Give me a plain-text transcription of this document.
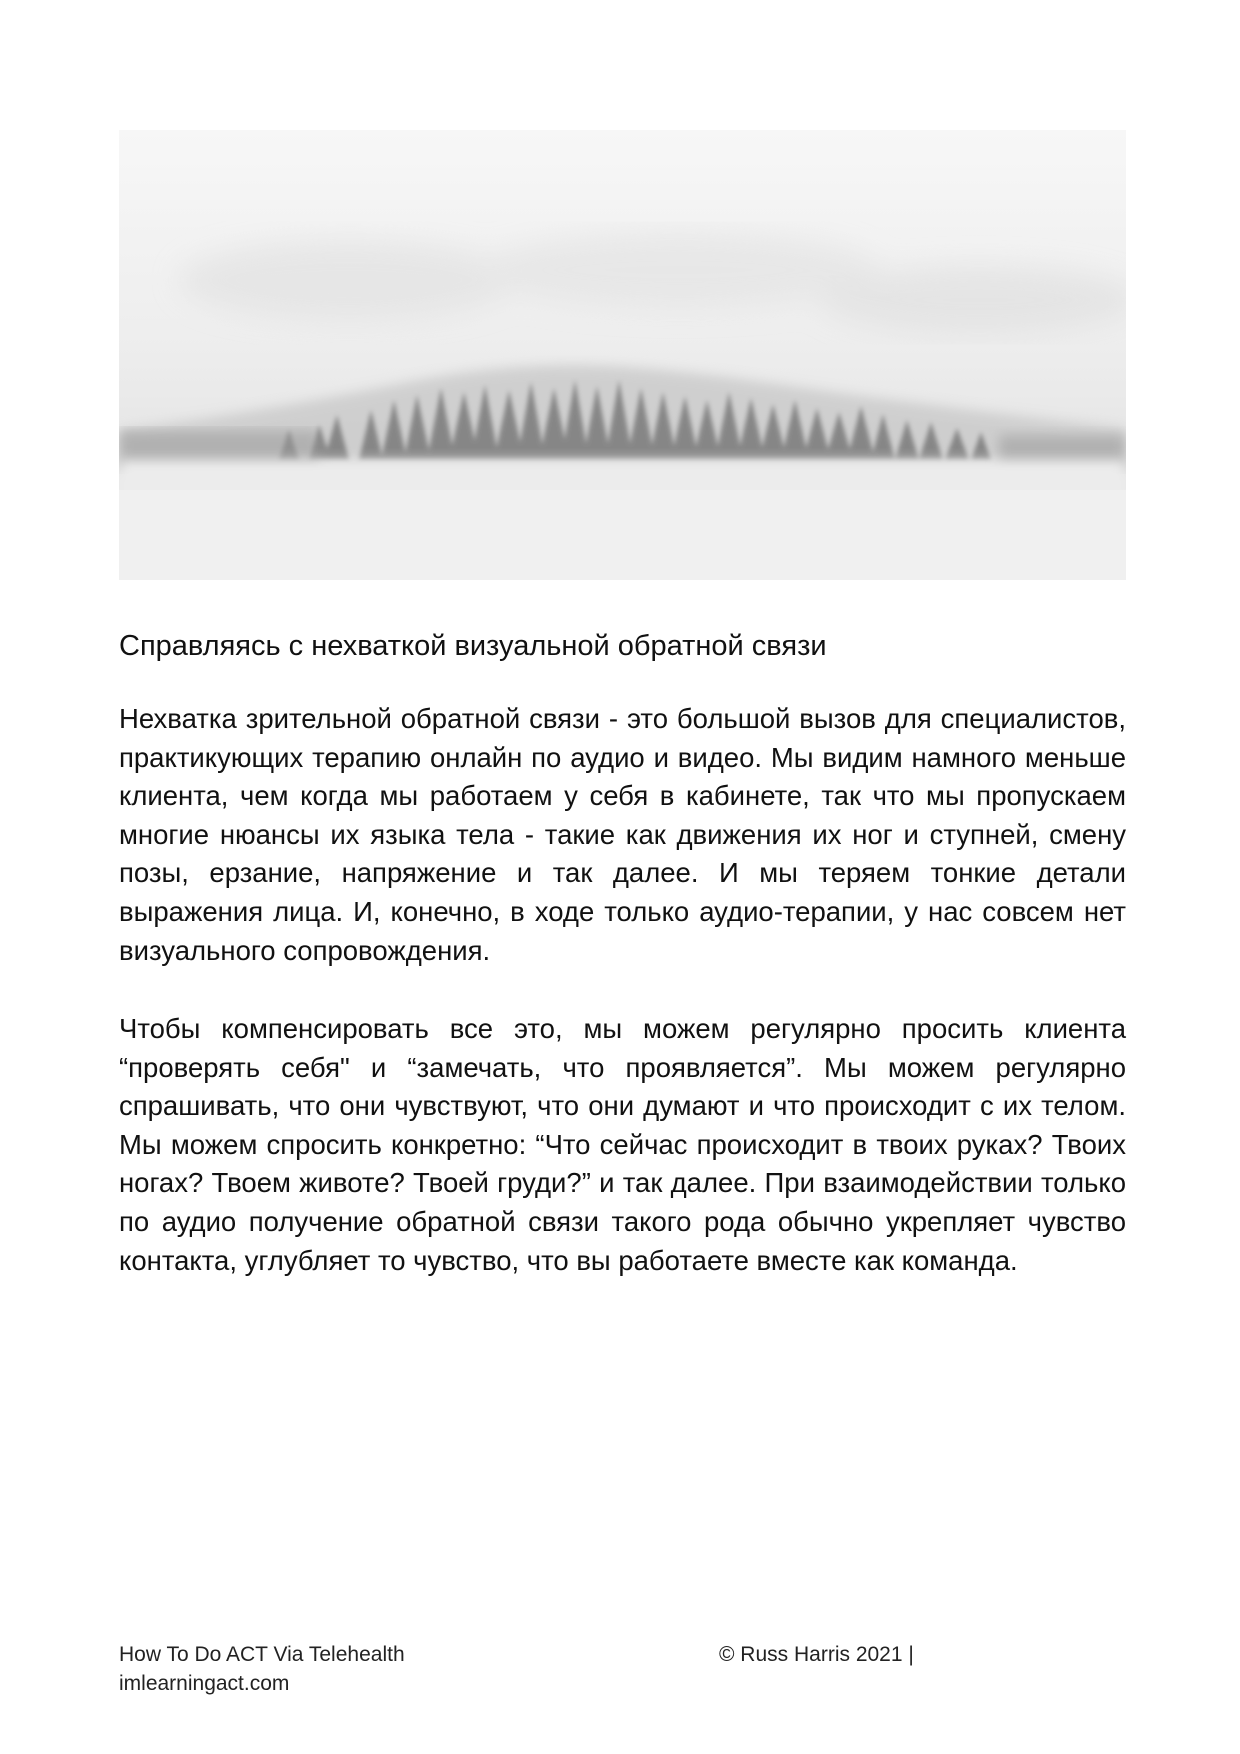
Справляясь с нехваткой визуальной обратной связи

Нехватка зрительной обратной связи - это большой вызов для специалистов, практикующих терапию онлайн по аудио и видео. Мы видим намного меньше клиента, чем когда мы работаем у себя в кабинете, так что мы пропускаем многие нюансы их языка тела - такие как движения их ног и ступней, смену позы, ерзание, напряжение и так далее. И мы теряем тонкие детали выражения лица. И, конечно, в ходе только аудио-терапии, у нас совсем нет визуального сопровождения.

Чтобы компенсировать все это, мы можем регулярно просить клиента “проверять себя" и “замечать, что проявляется”. Мы можем регулярно спрашивать, что они чувствуют, что они думают и что происходит с их телом. Мы можем спросить конкретно: “Что сейчас происходит в твоих руках? Твоих ногах? Твоем животе? Твоей груди?” и так далее. При взаимодействии только по аудио получение обратной связи такого рода обычно укрепляет чувство контакта, углубляет то чувство, что вы работаете вместе как команда.

How To Do ACT Via Telehealth
imlearningact.com
© Russ Harris 2021 |
